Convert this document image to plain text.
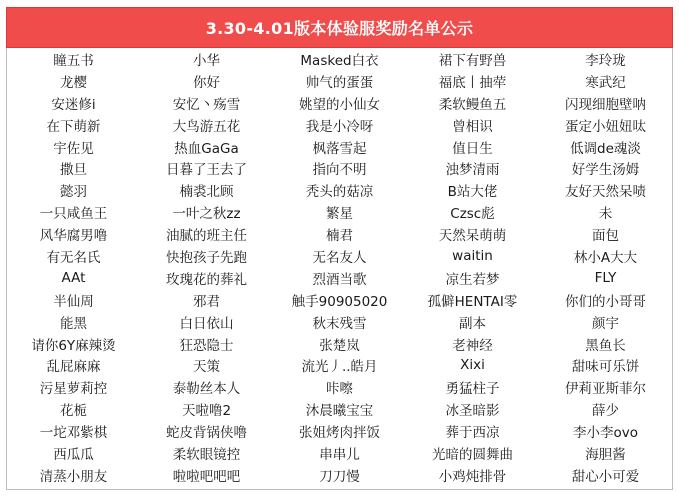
3.30-4.01版本体验服奖励名单公示
瞳五书	小华	Masked白衣	裙下有野兽	李玲珑
龙樱	你好	帅气的蛋蛋	福底丨抽荦	寒武纪
安迷修i	安忆丶殇雪	姚望的小仙女	柔软鳗鱼五	闪现细胞壁呐
在下萌新	大鸟游五花	我是小冷呀	曾相识	蛋定小妞妞呔
宇佐见	热血GaGa	枫落雪起	值日生	低调de魂淡
撒旦	日暮了王去了	指向不明	浊梦清雨	好学生汤姆
懿羽	楠裘北顾	秃头的菇凉	B站大佬	友好天然呆啧
一只咸鱼王	一叶之秋zz	繁星	Czsc彪	未
风华腐男噜	油腻的班主任	楠君	天然呆萌萌	面包
有无名氏	快抱孩子先跑	无名友人	waitin	林小A大大
AAt	玫瑰花的葬礼	烈酒当歌	凉生若梦	FLY
半仙周	邪君	触手90905020	孤僻HENTAI零	你们的小哥哥
能黑	白日依山	秋末残雪	副本	颜宇
请你6Y麻辣烫	狂恐隐士	张楚岚	老神经	黑鱼长
乱屁麻麻	天策	流光丿..皓月	Xixi	甜味可乐饼
污星萝莉控	泰勒丝本人	咔嚓	勇猛柱子	伊莉亚斯菲尔
花栀	天啦噜2	沐晨曦宝宝	冰圣暗影	薛少
一坨邓紫棋	蛇皮背锅侠噜	张姐烤肉拌饭	葬于西凉	李小李ovo
西瓜瓜	柔软眼镜控	串串儿	光暗的圆舞曲	海胆酱
清蒸小朋友	啦啦吧吧吧	刀刀慢	小鸡炖排骨	甜心小可爱
